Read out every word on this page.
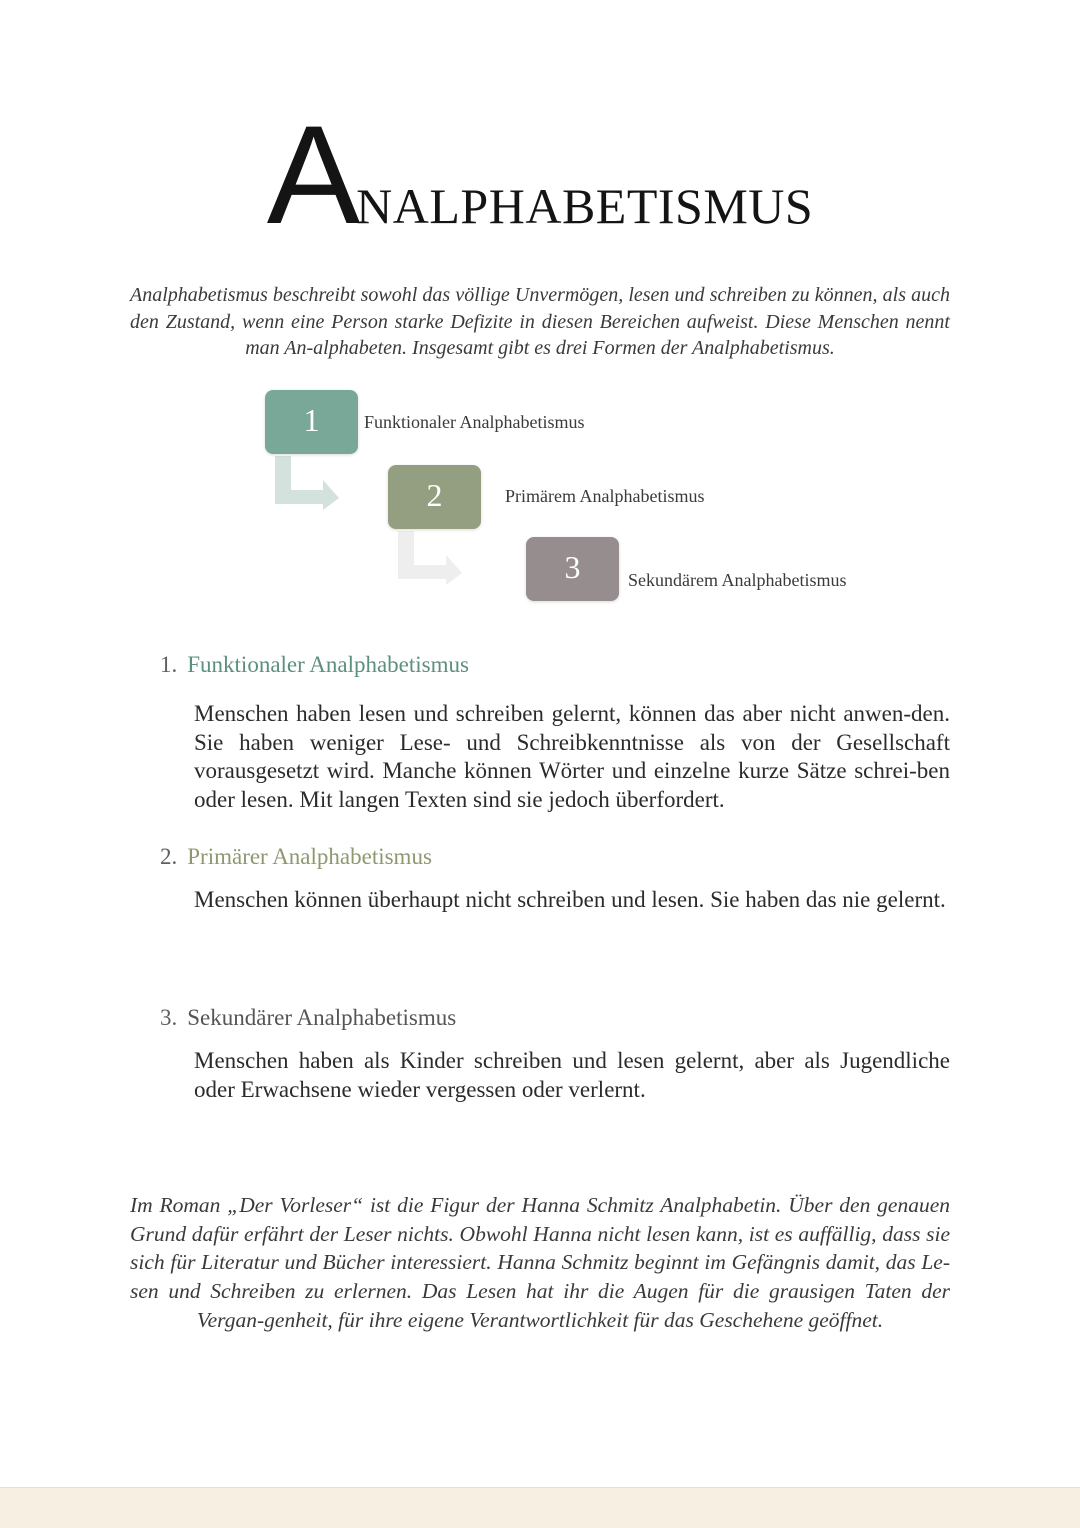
ANALPHABETISMUS

Analphabetismus beschreibt sowohl das völlige Unvermögen, lesen und schreiben zu können, als auch den Zustand, wenn eine Person starke Defizite in diesen Bereichen aufweist. Diese Menschen nennt man An-alphabeten. Insgesamt gibt es drei Formen der Analphabetismus.

1	Funktionaler Analphabetismus
2	Primärem Analphabetismus
3	Sekundärem Analphabetismus
1. Funktionaler Analphabetismus

Menschen haben lesen und schreiben gelernt, können das aber nicht anwen-den. Sie haben weniger Lese- und Schreibkenntnisse als von der Gesellschaft vorausgesetzt wird. Manche können Wörter und einzelne kurze Sätze schrei-ben oder lesen. Mit langen Texten sind sie jedoch überfordert.

2. Primärer Analphabetismus

Menschen können überhaupt nicht schreiben und lesen. Sie haben das nie gelernt.

3. Sekundärer Analphabetismus

Menschen haben als Kinder schreiben und lesen gelernt, aber als Jugendliche oder Erwachsene wieder vergessen oder verlernt.

Im Roman „Der Vorleser“ ist die Figur der Hanna Schmitz Analphabetin. Über den genauen Grund dafür erfährt der Leser nichts. Obwohl Hanna nicht lesen kann, ist es auffällig, dass sie sich für Literatur und Bücher interessiert. Hanna Schmitz beginnt im Gefängnis damit, das Le-sen und Schreiben zu erlernen. Das Lesen hat ihr die Augen für die grausigen Taten der Vergan-genheit, für ihre eigene Verantwortlichkeit für das Geschehene geöffnet.
